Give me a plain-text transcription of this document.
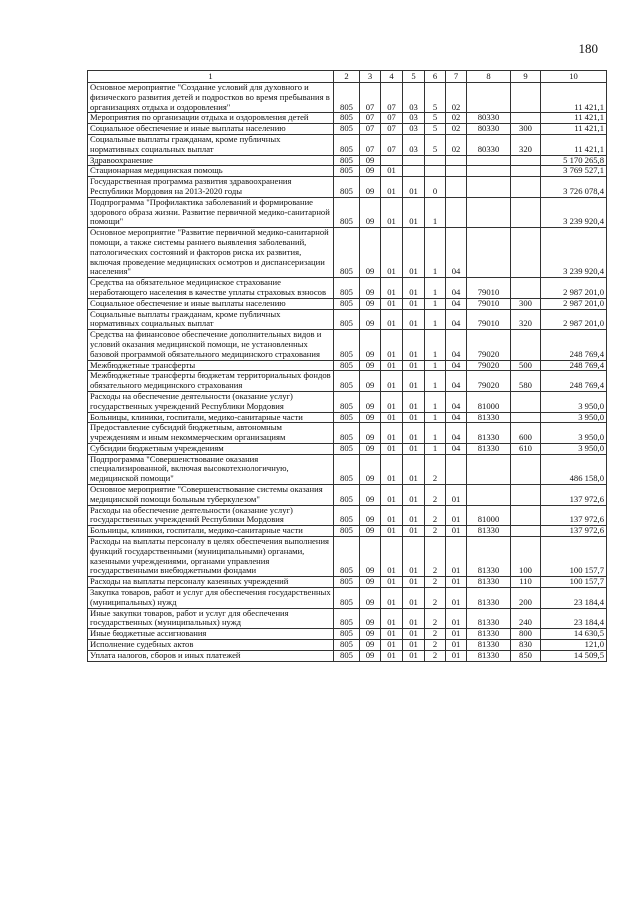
180
1	2	3	4	5	6	7	8	9	10
Основное мероприятие "Создание условий для духовного и физического развития детей и подростков во время пребывания в организациях отдыха и оздоровления"	805	07	07	03	5	02			11 421,1
Мероприятия по организации отдыха и оздоровления детей	805	07	07	03	5	02	80330		11 421,1
Социальное обеспечение и иные выплаты населению	805	07	07	03	5	02	80330	300	11 421,1
Социальные выплаты гражданам, кроме публичных нормативных социальных выплат	805	07	07	03	5	02	80330	320	11 421,1
Здравоохранение	805	09							5 170 265,8
Стационарная медицинская помощь	805	09	01						3 769 527,1
Государственная программа развития здравоохранения Республики Мордовия на 2013-2020 годы	805	09	01	01	0				3 726 078,4
Подпрограмма "Профилактика заболеваний и формирование здорового образа жизни. Развитие первичной медико-санитарной помощи"	805	09	01	01	1				3 239 920,4
Основное мероприятие "Развитие первичной медико-санитарной помощи, а также системы раннего выявления заболеваний, патологических состояний и факторов риска их развития, включая проведение медицинских осмотров и диспансеризации населения"	805	09	01	01	1	04			3 239 920,4
Средства на обязательное медицинское страхование неработающего населения в качестве уплаты страховых взносов	805	09	01	01	1	04	79010		2 987 201,0
Социальное обеспечение и иные выплаты населению	805	09	01	01	1	04	79010	300	2 987 201,0
Социальные выплаты гражданам, кроме публичных нормативных социальных выплат	805	09	01	01	1	04	79010	320	2 987 201,0
Средства на финансовое обеспечение дополнительных видов и условий оказания медицинской помощи, не установленных базовой программой обязательного медицинского страхования	805	09	01	01	1	04	79020		248 769,4
Межбюджетные трансферты	805	09	01	01	1	04	79020	500	248 769,4
Межбюджетные трансферты бюджетам территориальных фондов обязательного медицинского страхования	805	09	01	01	1	04	79020	580	248 769,4
Расходы на обеспечение деятельности (оказание услуг) государственных учреждений Республики Мордовия	805	09	01	01	1	04	81000		3 950,0
Больницы, клиники, госпитали, медико-санитарные части	805	09	01	01	1	04	81330		3 950,0
Предоставление субсидий бюджетным, автономным учреждениям и иным некоммерческим организациям	805	09	01	01	1	04	81330	600	3 950,0
Субсидии бюджетным учреждениям	805	09	01	01	1	04	81330	610	3 950,0
Подпрограмма "Совершенствование оказания специализированной, включая высокотехнологичную, медицинской помощи"	805	09	01	01	2				486 158,0
Основное мероприятие "Совершенствование системы оказания медицинской помощи больным туберкулезом"	805	09	01	01	2	01			137 972,6
Расходы на обеспечение деятельности (оказание услуг) государственных учреждений Республики Мордовия	805	09	01	01	2	01	81000		137 972,6
Больницы, клиники, госпитали, медико-санитарные части	805	09	01	01	2	01	81330		137 972,6
Расходы на выплаты персоналу в целях обеспечения выполнения функций государственными (муниципальными) органами, казенными учреждениями, органами управления государственными внебюджетными фондами	805	09	01	01	2	01	81330	100	100 157,7
Расходы на выплаты персоналу казенных учреждений	805	09	01	01	2	01	81330	110	100 157,7
Закупка товаров, работ и услуг для обеспечения государственных (муниципальных) нужд	805	09	01	01	2	01	81330	200	23 184,4
Иные закупки товаров, работ и услуг для обеспечения государственных (муниципальных) нужд	805	09	01	01	2	01	81330	240	23 184,4
Иные бюджетные ассигнования	805	09	01	01	2	01	81330	800	14 630,5
Исполнение судебных актов	805	09	01	01	2	01	81330	830	121,0
Уплата налогов, сборов и иных платежей	805	09	01	01	2	01	81330	850	14 509,5
